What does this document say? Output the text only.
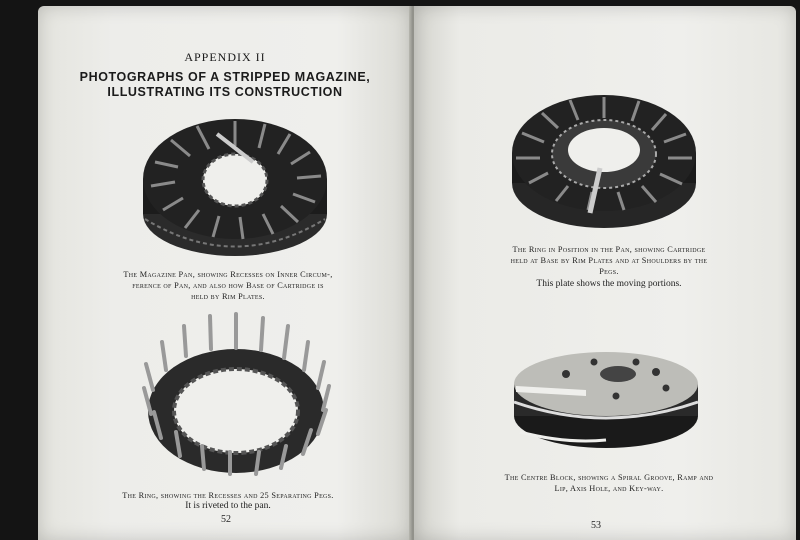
APPENDIX II
PHOTOGRAPHS OF A STRIPPED MAGAZINE,
ILLUSTRATING ITS CONSTRUCTION
The Magazine Pan, showing Recesses on Inner Circum-,
ference of Pan, and also how Base of Cartridge is
held by Rim Plates.
The Ring, showing the Recesses and 25 Separating Pegs.
It is riveted to the pan.
52
The Ring in Position in the Pan, showing Cartridge
held at Base by Rim Plates and at Shoulders by the
Pegs.
This plate shows the moving portions.
The Centre Block, showing a Spiral Groove, Ramp and
Lip, Axis Hole, and Key-way.
53
